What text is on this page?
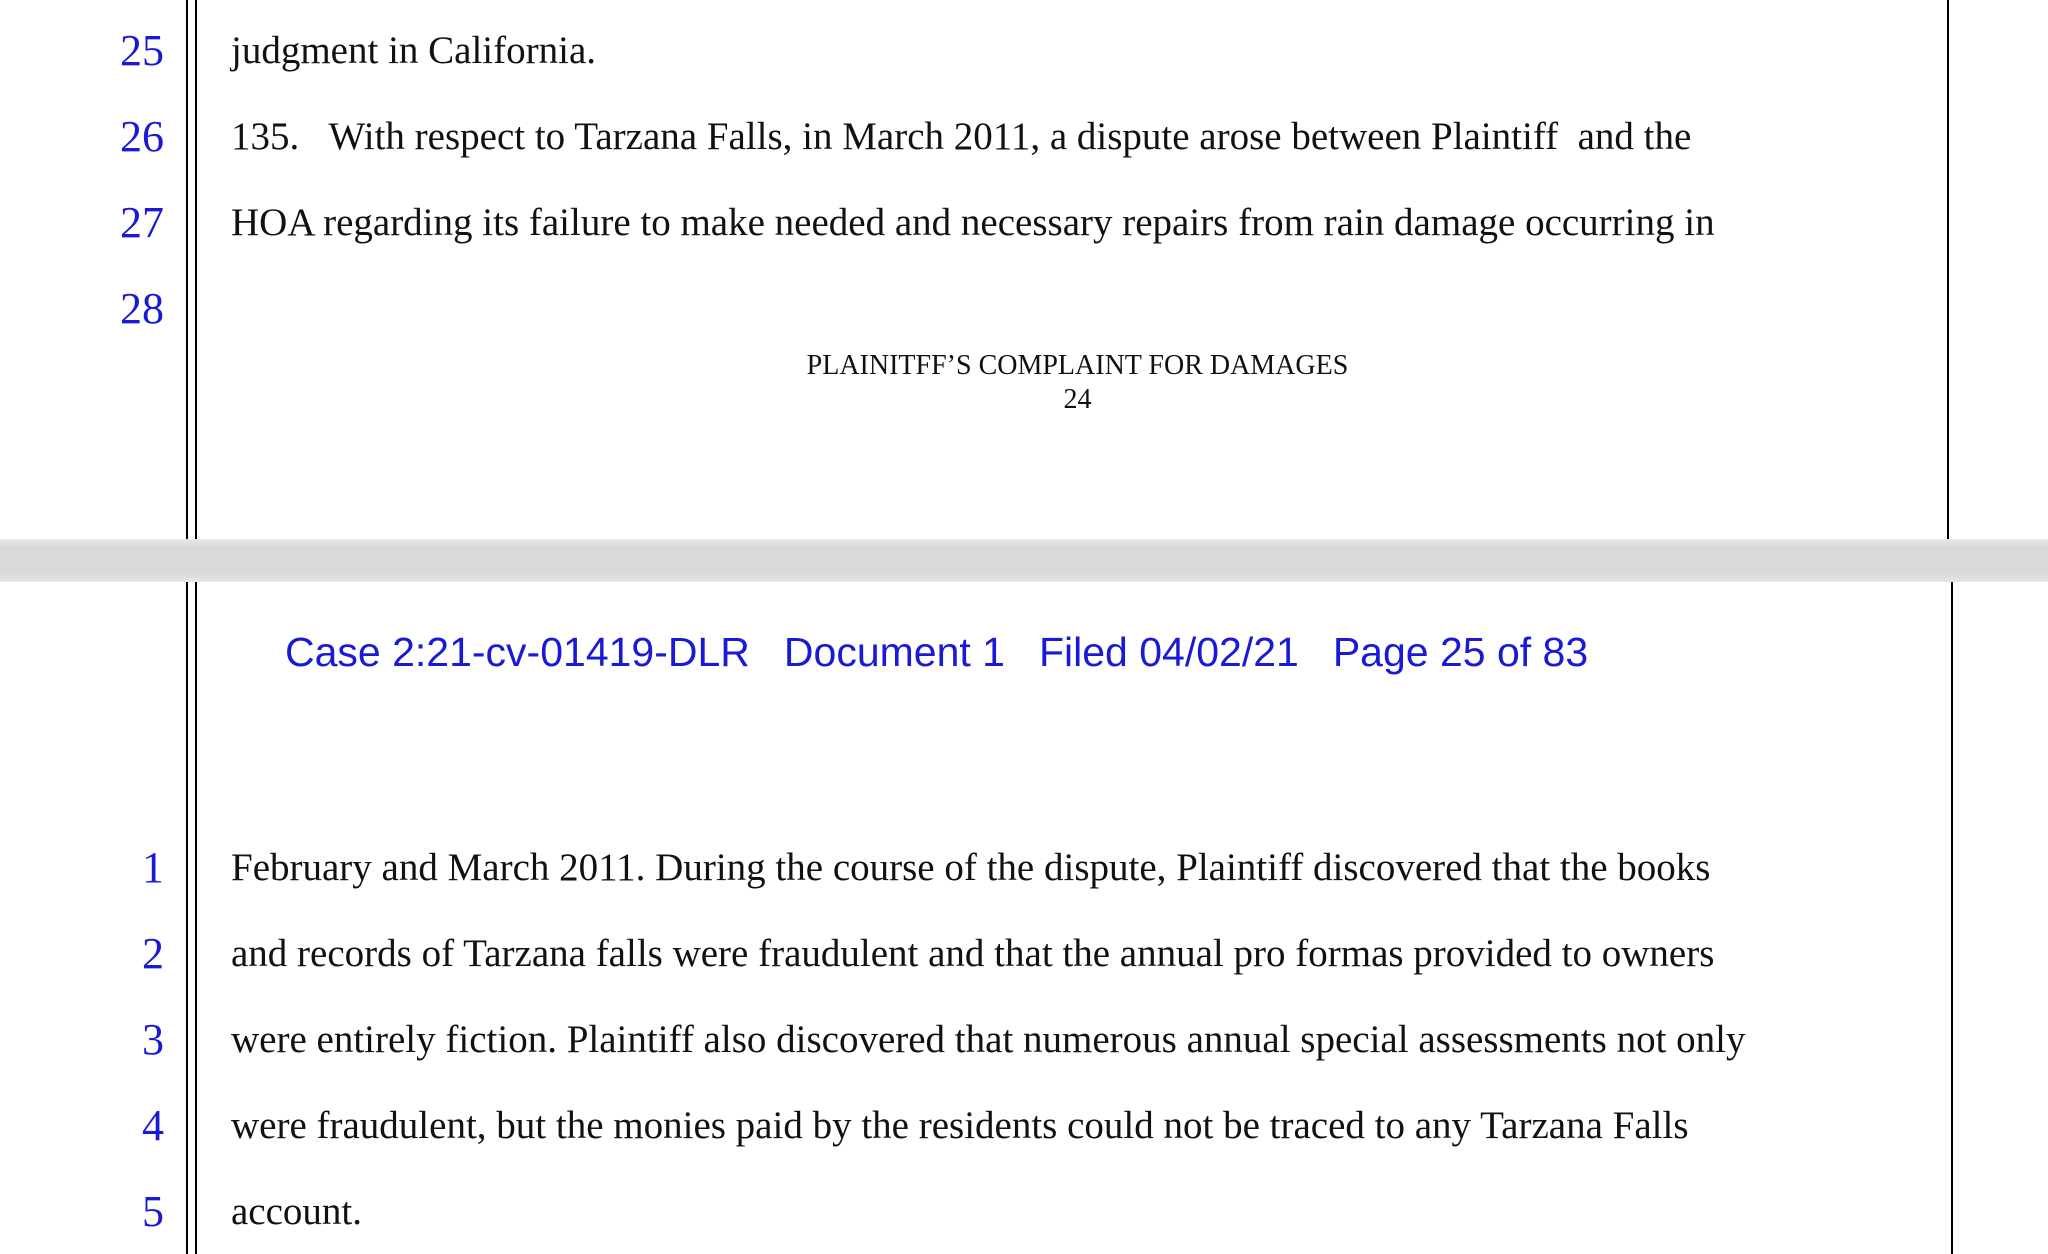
25
26
27
28
judgment in California.
135.   With respect to Tarzana Falls, in March 2011, a dispute arose between Plaintiff  and the
HOA regarding its failure to make needed and necessary repairs from rain damage occurring in
PLAINITFF’S COMPLAINT FOR DAMAGES
24
Case 2:21-cv-01419-DLR Document 1 Filed 04/02/21 Page 25 of 83
1
2
3
4
5
February and March 2011. During the course of the dispute, Plaintiff discovered that the books
and records of Tarzana falls were fraudulent and that the annual pro formas provided to owners
were entirely fiction. Plaintiff also discovered that numerous annual special assessments not only
were fraudulent, but the monies paid by the residents could not be traced to any Tarzana Falls
account.
